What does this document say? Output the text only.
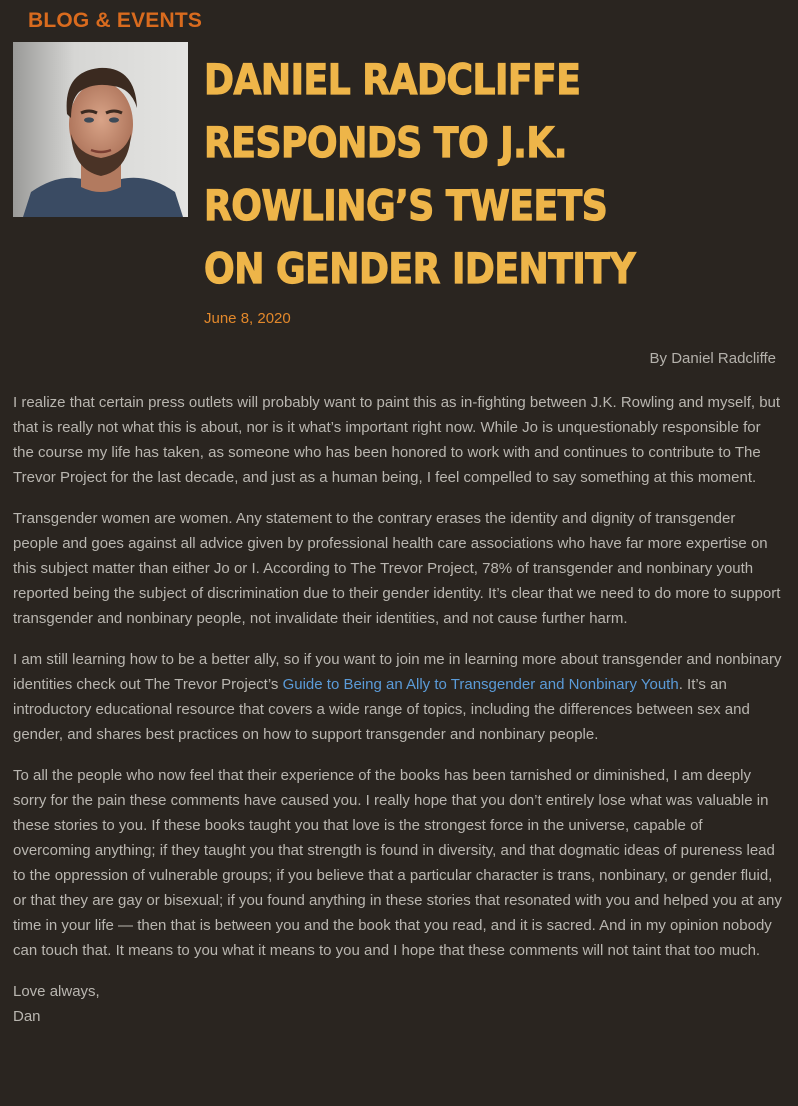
BLOG & EVENTS
DANIEL RADCLIFFE
RESPONDS TO J.K.
ROWLING’S TWEETS
ON GENDER IDENTITY
June 8, 2020
By Daniel Radcliffe

I realize that certain press outlets will probably want to paint this as in-fighting between J.K. Rowling and myself, but that is really not what this is about, nor is it what’s important right now. While Jo is unquestionably responsible for the course my life has taken, as someone who has been honored to work with and continues to contribute to The Trevor Project for the last decade, and just as a human being, I feel compelled to say something at this moment.

Transgender women are women. Any statement to the contrary erases the identity and dignity of transgender people and goes against all advice given by professional health care associations who have far more expertise on this subject matter than either Jo or I. According to The Trevor Project, 78% of transgender and nonbinary youth reported being the subject of discrimination due to their gender identity. It’s clear that we need to do more to support transgender and nonbinary people, not invalidate their identities, and not cause further harm.

I am still learning how to be a better ally, so if you want to join me in learning more about transgender and nonbinary identities check out The Trevor Project’s Guide to Being an Ally to Transgender and Nonbinary Youth. It’s an introductory educational resource that covers a wide range of topics, including the differences between sex and gender, and shares best practices on how to support transgender and nonbinary people.

To all the people who now feel that their experience of the books has been tarnished or diminished, I am deeply sorry for the pain these comments have caused you. I really hope that you don’t entirely lose what was valuable in these stories to you. If these books taught you that love is the strongest force in the universe, capable of overcoming anything; if they taught you that strength is found in diversity, and that dogmatic ideas of pureness lead to the oppression of vulnerable groups; if you believe that a particular character is trans, nonbinary, or gender fluid, or that they are gay or bisexual; if you found anything in these stories that resonated with you and helped you at any time in your life — then that is between you and the book that you read, and it is sacred. And in my opinion nobody can touch that. It means to you what it means to you and I hope that these comments will not taint that too much.

Love always,
Dan
